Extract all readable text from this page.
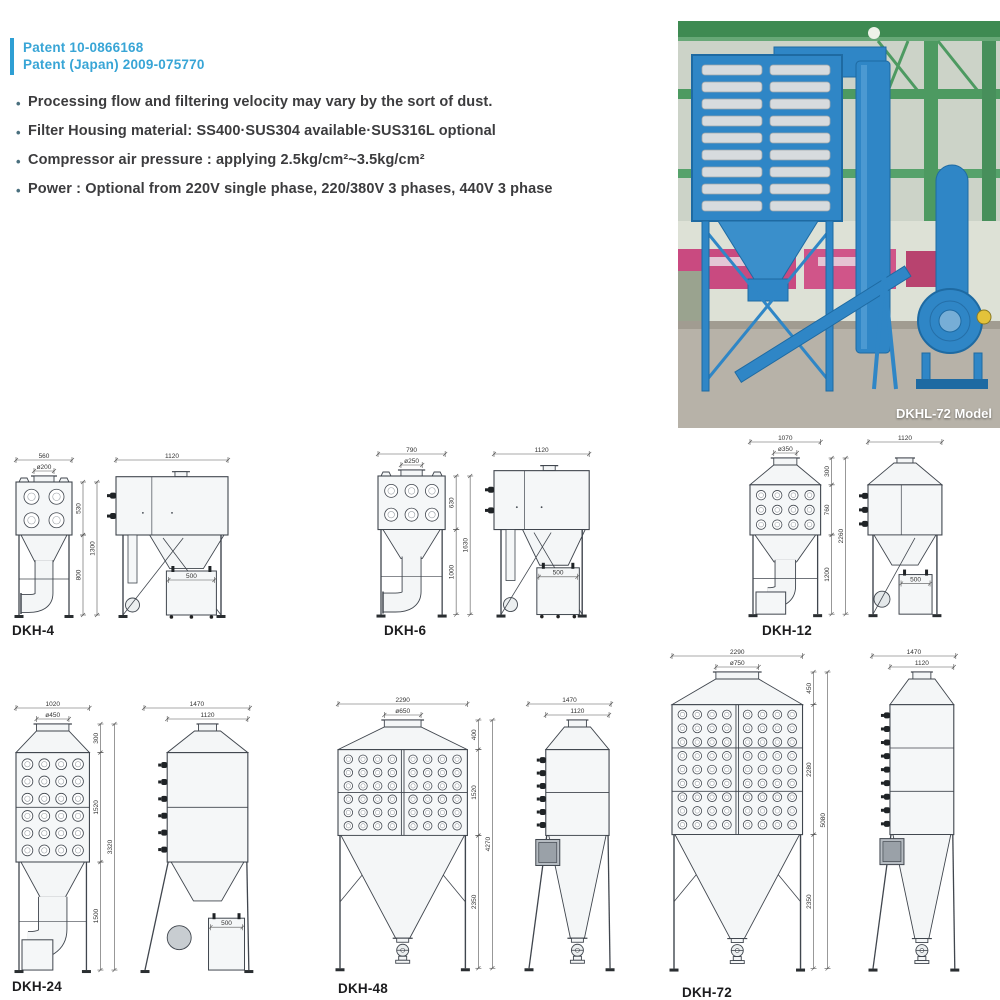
Patent 10-0866168
Patent (Japan) 2009-075770
•
Processing flow and filtering velocity may vary by the sort of dust.
•
Filter Housing material: SS400·SUS304 available·SUS316L optional
•
Compressor air pressure : applying 2.5kg/cm²~3.5kg/cm²
•
Power : Optional from 220V single phase, 220/380V 3 phases, 440V 3 phase
DKHL-72 Model
560
ø200
530
800
1300
1120
500
DKH-4
790
ø250
630
1000
1630
1120
500
DKH-6
1070
ø350
300
760
1200
2260
1120
500
DKH-12
1020
ø450
300
1520
1500
3320
1470
1120
500
DKH-24
2290
ø650
400
1520
2350
4270
1470
1120
DKH-48
2290
ø750
450
2280
2350
5080
1470
1120
DKH-72
